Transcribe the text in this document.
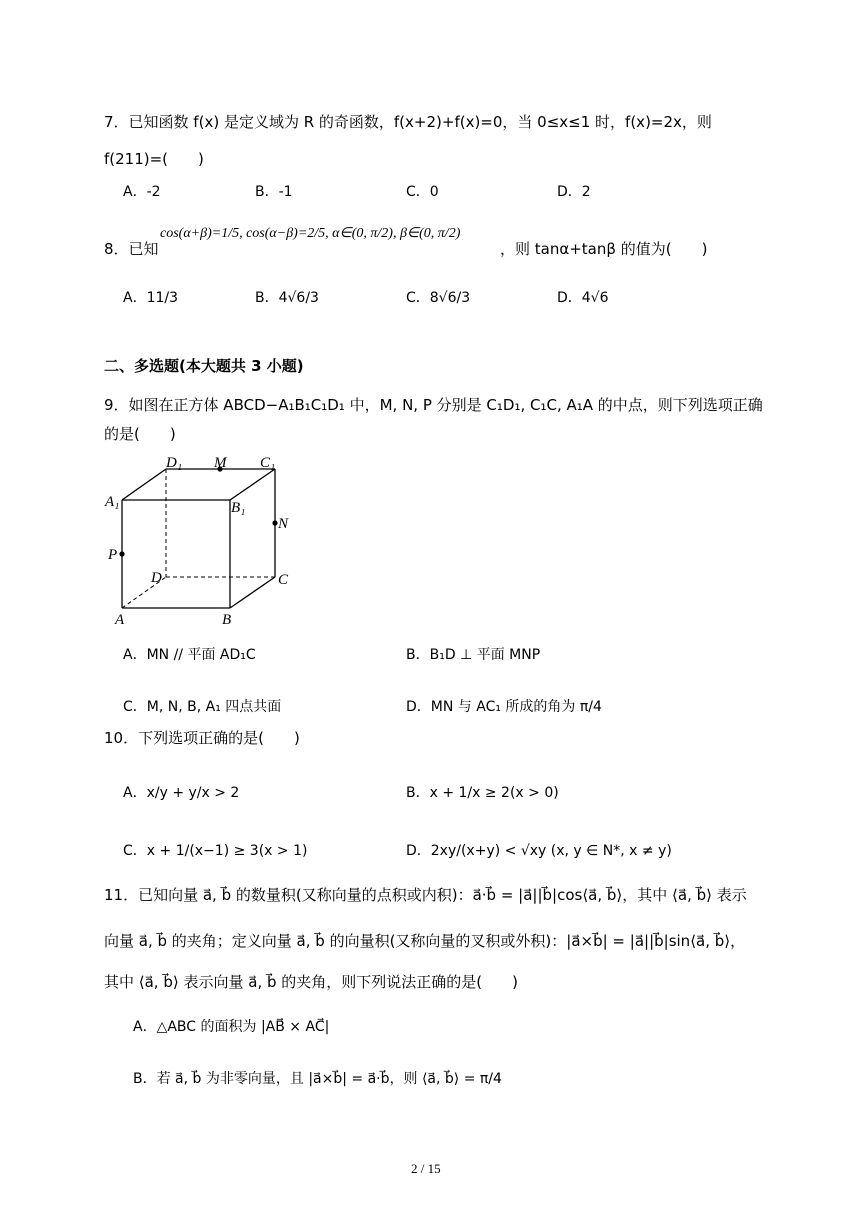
7．已知函数 f(x) 是定义域为 R 的奇函数，f(x+2)+f(x)=0，当 0≤x≤1 时，f(x)=2x，则
f(211)=(　　)
A．-2	B．-1	C．0	D．2
8．已知
cos(α+β)=1/5, cos(α−β)=2/5, α∈(0, π/2), β∈(0, π/2)
，则 tanα+tanβ 的值为(　　)
A．11/3	B．4√6/3	C．8√6/3	D．4√6
二、多选题(本大题共 3 小题)
9．如图在正方体 ABCD−A₁B₁C₁D₁ 中，M, N, P 分别是 C₁D₁, C₁C, A₁A 的中点，则下列选项正确
的是(　　)
D₁ M C₁
A₁	B₁
N
P
D	C
A	B
A．MN // 平面 AD₁C	B．B₁D ⊥ 平面 MNP
C．M, N, B, A₁ 四点共面	D．MN 与 AC₁ 所成的角为 π/4
10．下列选项正确的是(　　)
A．x/y + y/x > 2	B．x + 1/x ≥ 2(x > 0)
C．x + 1/(x−1) ≥ 3(x > 1)	D．2xy/(x+y) < √xy (x, y ∈ N*, x ≠ y)
11．已知向量 a⃗, b⃗ 的数量积(又称向量的点积或内积)：a⃗·b⃗ = |a⃗||b⃗|cos⟨a⃗, b⃗⟩，其中 ⟨a⃗, b⃗⟩ 表示
向量 a⃗, b⃗ 的夹角；定义向量 a⃗, b⃗ 的向量积(又称向量的叉积或外积)：|a⃗×b⃗| = |a⃗||b⃗|sin⟨a⃗, b⃗⟩，
其中 ⟨a⃗, b⃗⟩ 表示向量 a⃗, b⃗ 的夹角，则下列说法正确的是(　　)
A．△ABC 的面积为 |AB⃗ × AC⃗|
B．若 a⃗, b⃗ 为非零向量，且 |a⃗×b⃗| = a⃗·b⃗，则 ⟨a⃗, b⃗⟩ = π/4
2 / 15
